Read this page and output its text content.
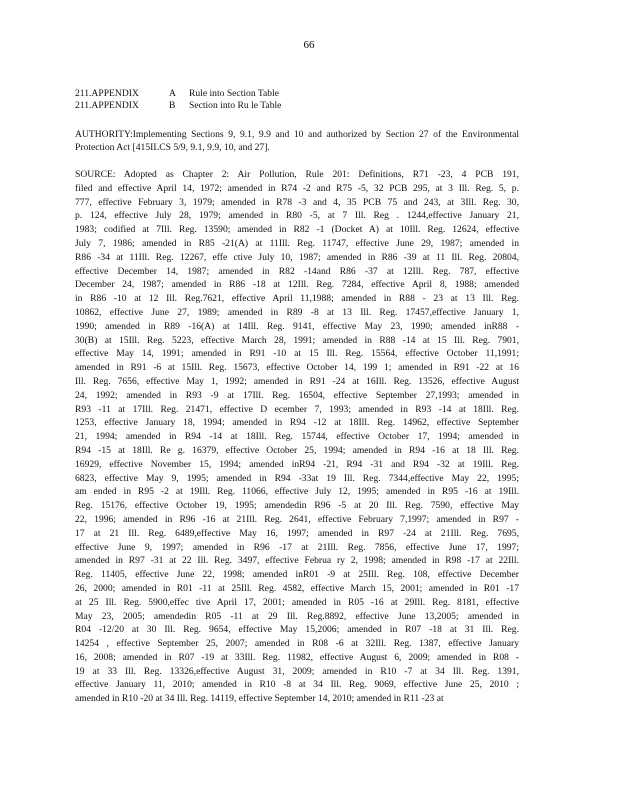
66
211.APPENDIX	A Rule into Section Table
211.APPENDIX	B Section into Ru le Table
AUTHORITY:Implementing Sections 9, 9.1, 9.9 and 10 and authorized by Section 27 of the Environmental Protection Act [415ILCS 5/9, 9.1, 9.9, 10, and 27].
SOURCE: Adopted as Chapter 2: Air Pollution, Rule 201: Definitions, R71 -23, 4 PCB 191,
filed and effective April 14, 1972; amended in R74 -2 and R75 -5, 32 PCB 295, at 3 Ill. Reg. 5, p.
777, effective February 3, 1979; amended in R78 -3 and 4, 35 PCB 75 and 243, at 3Ill. Reg. 30,
p. 124, effective July 28, 1979; amended in R80 -5, at 7 Ill. Reg . 1244,effective January 21,
1983; codified at 7Ill. Reg. 13590; amended in R82 -1 (Docket A) at 10Ill. Reg. 12624, effective
July 7, 1986; amended in R85 -21(A) at 11Ill. Reg. 11747, effective June 29, 1987; amended in
R86 -34 at 11Ill. Reg. 12267, effe ctive July 10, 1987; amended in R86 -39 at 11 Ill. Reg. 20804,
effective December 14, 1987; amended in R82 -14and R86 -37 at 12Ill. Reg. 787, effective
December 24, 1987; amended in R86 -18 at 12Ill. Reg. 7284, effective April 8, 1988; amended
in R86 -10 at 12 Ill. Reg.7621, effective April 11,1988; amended in R88 - 23 at 13 Ill. Reg.
10862, effective June 27, 1989; amended in R89 -8 at 13 Ill. Reg. 17457,effective January 1,
1990; amended in R89 -16(A) at 14Ill. Reg. 9141, effective May 23, 1990; amended inR88 -
30(B) at 15Ill. Reg. 5223, effective March 28, 1991; amended in R88 -14 at 15 Ill. Reg. 7901,
effective May 14, 1991; amended in R91 -10 at 15 Ill. Reg. 15564, effective October 11,1991;
amended in R91 -6 at 15Ill. Reg. 15673, effective October 14, 199 1; amended in R91 -22 at 16
Ill. Reg. 7656, effective May 1, 1992; amended in R91 -24 at 16Ill. Reg. 13526, effective August
24, 1992; amended in R93 -9 at 17Ill. Reg. 16504, effective September 27,1993; amended in
R93 -11 at 17Ill. Reg. 21471, effective D ecember 7, 1993; amended in R93 -14 at 18Ill. Reg.
1253, effective January 18, 1994; amended in R94 -12 at 18Ill. Reg. 14962, effective September
21, 1994; amended in R94 -14 at 18Ill. Reg. 15744, effective October 17, 1994; amended in
R94 -15 at 18Ill. Re g. 16379, effective October 25, 1994; amended in R94 -16 at 18 Ill. Reg.
16929, effective November 15, 1994; amended inR94 -21, R94 -31 and R94 -32 at 19Ill. Reg.
6823, effective May 9, 1995; amended in R94 -33at 19 Ill. Reg. 7344,effective May 22, 1995;
am ended in R95 -2 at 19Ill. Reg. 11066, effective July 12, 1995; amended in R95 -16 at 19Ill.
Reg. 15176, effective October 19, 1995; amendedin R96 -5 at 20 Ill. Reg. 7590, effective May
22, 1996; amended in R96 -16 at 21Ill. Reg. 2641, effective February 7,1997; amended in R97 -
17 at 21 Ill. Reg. 6489,effective May 16, 1997; amended in R97 -24 at 21Ill. Reg. 7695,
effective June 9, 1997; amended in R96 -17 at 21Ill. Reg. 7856, effective June 17, 1997;
amended in R97 -31 at 22 Ill. Reg. 3497, effective Februa ry 2, 1998; amended in R98 -17 at 22Ill.
Reg. 11405, effective June 22, 1998; amended inR01 -9 at 25Ill. Reg. 108, effective December
26, 2000; amended in R01 -11 at 25Ill. Reg. 4582, effective March 15, 2001; amended in R01 -17
at 25 Ill. Reg. 5900,effec tive April 17, 2001; amended in R05 -16 at 29Ill. Reg. 8181, effective
May 23, 2005; amendedin R05 -11 at 29 Ill. Reg.8892, effective June 13,2005; amended in
R04 -12/20 at 30 Ill. Reg. 9654, effective May 15,2006; amended in R07 -18 at 31 Ill. Reg.
14254 , effective September 25, 2007; amended in R08 -6 at 32Ill. Reg. 1387, effective January
16, 2008; amended in R07 -19 at 33Ill. Reg. 11982, effective August 6, 2009; amended in R08 -
19 at 33 Ill. Reg. 13326,effective August 31, 2009; amended in R10 -7 at 34 Ill. Reg. 1391,
effective January 11, 2010; amended in R10 -8 at 34 Ill. Reg. 9069, effective June 25, 2010 ;
amended in R10 -20 at 34 Ill. Reg. 14119, effective September 14, 2010; amended in R11 -23 at
